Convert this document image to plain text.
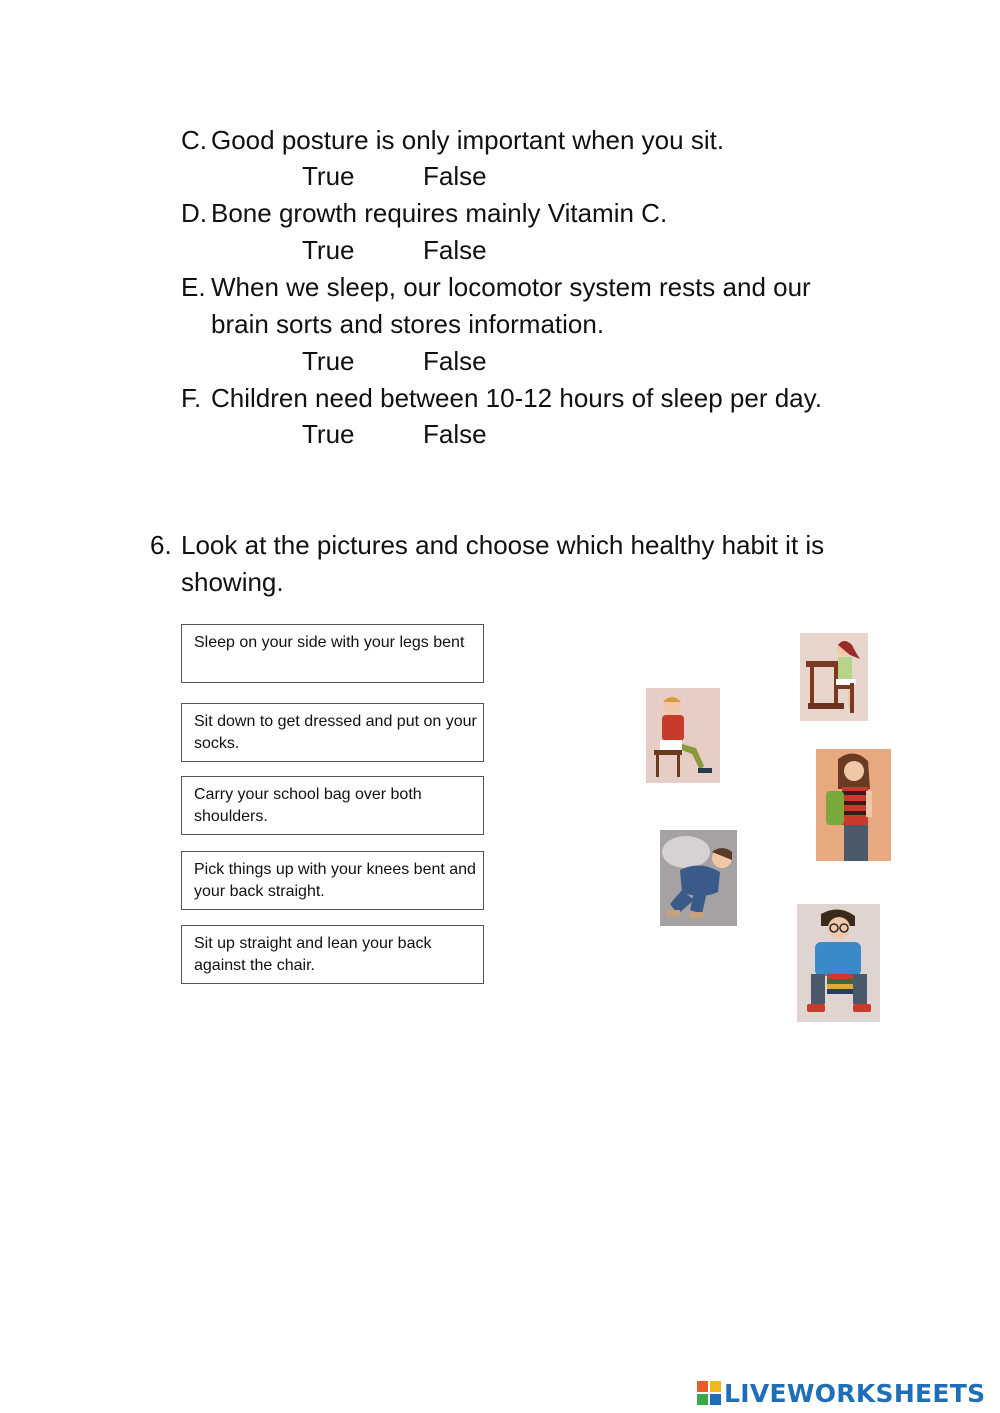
C. Good posture is only important when you sit.
True	False
D. Bone growth requires mainly Vitamin C.
True	False
E. When we sleep, our locomotor system rests and our brain sorts and stores information.
True	False
F. Children need between 10-12 hours of sleep per day.
True	False
6. Look at the pictures and choose which healthy habit it is showing.
Sleep on your side with your legs bent
Sit down to get dressed and put on your socks.
Carry your school bag over both shoulders.
Pick things up with your knees bent and your back straight.
Sit up straight and lean your back against the chair.
LIVEWORKSHEETS
